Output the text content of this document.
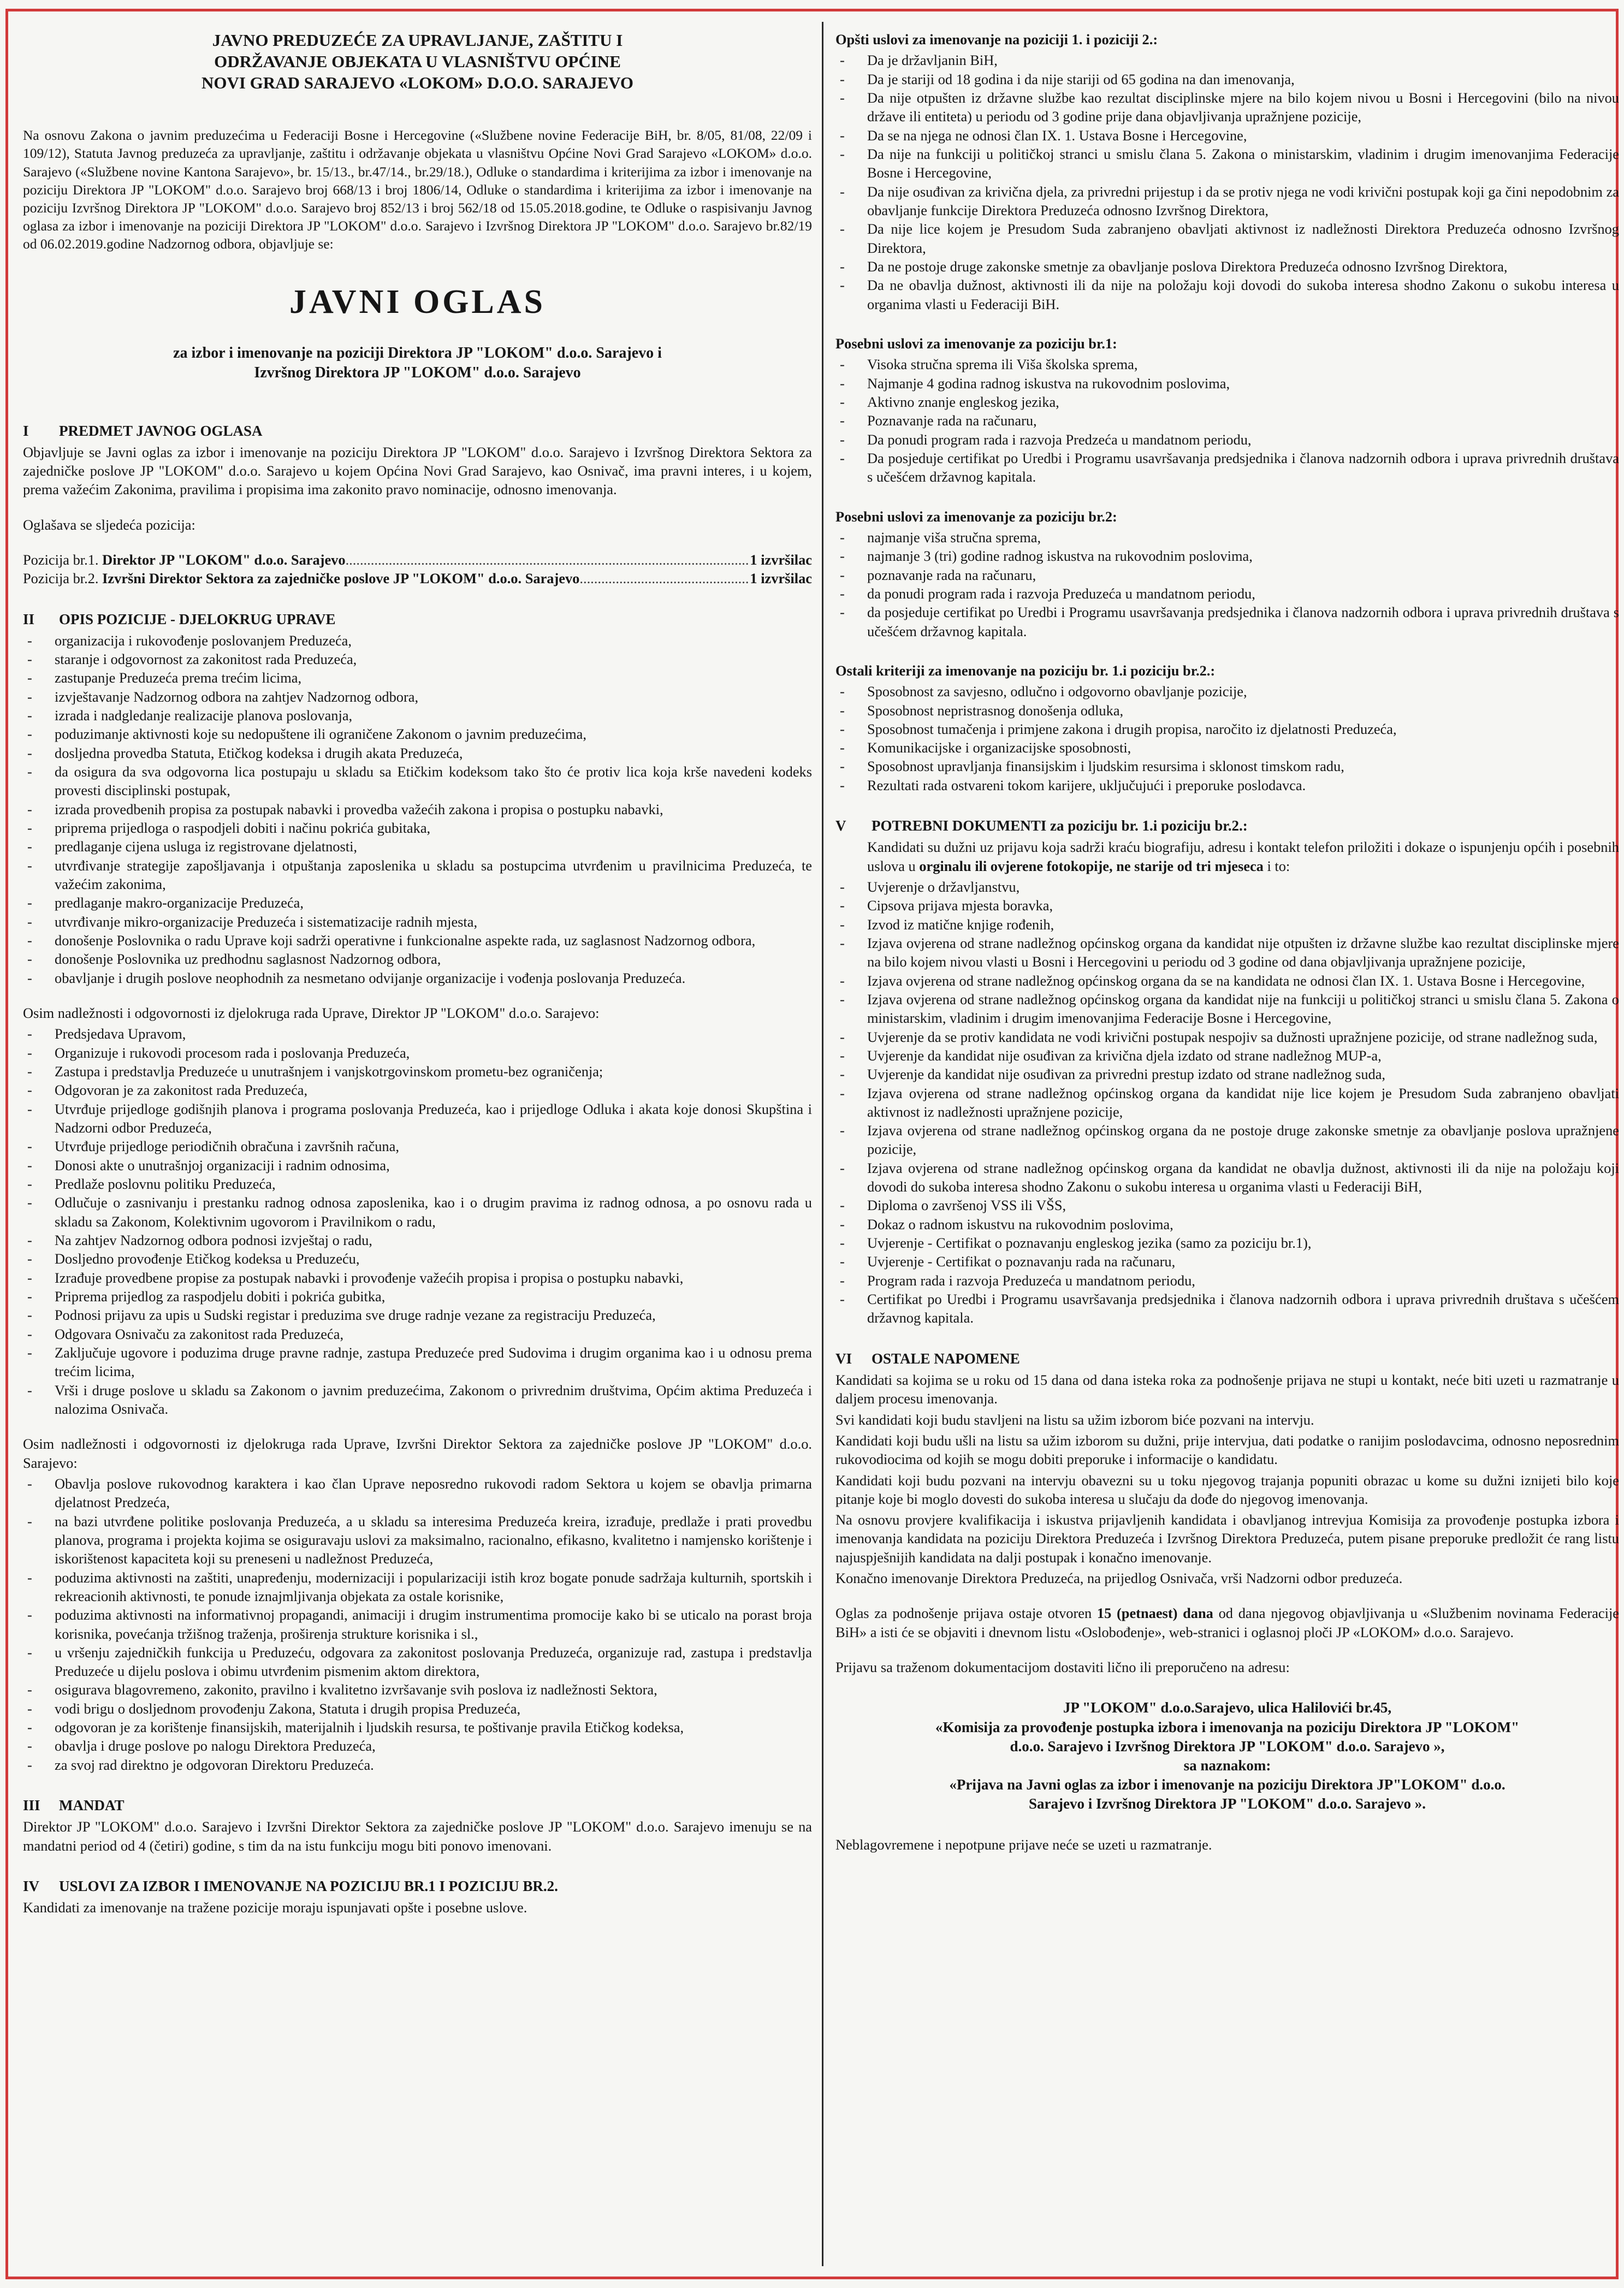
JAVNO PREDUZEĆE ZA UPRAVLJANJE, ZAŠTITU I
ODRŽAVANJE OBJEKATA U VLASNIŠTVU OPĆINE
NOVI GRAD SARAJEVO «LOKOM» D.O.O. SARAJEVO
Na osnovu Zakona o javnim preduzećima u Federaciji Bosne i Hercegovine («Službene novine Federacije BiH, br. 8/05, 81/08, 22/09 i 109/12), Statuta Javnog preduzeća za upravljanje, zaštitu i održavanje objekata u vlasništvu Općine Novi Grad Sarajevo «LOKOM» d.o.o. Sarajevo («Službene novine Kantona Sarajevo», br. 15/13., br.47/14., br.29/18.), Odluke o standardima i kriterijima za izbor i imenovanje na poziciju Direktora JP "LOKOM" d.o.o. Sarajevo broj 668/13 i broj 1806/14, Odluke o standardima i kriterijima za izbor i imenovanje na poziciju Izvršnog Direktora JP "LOKOM" d.o.o. Sarajevo broj 852/13 i broj 562/18 od 15.05.2018.godine, te Odluke o raspisivanju Javnog oglasa za izbor i imenovanje na poziciji Direktora JP "LOKOM" d.o.o. Sarajevo i Izvršnog Direktora JP "LOKOM" d.o.o. Sarajevo br.82/19 od 06.02.2019.godine Nadzornog odbora, objavljuje se:
JAVNI OGLAS
za izbor i imenovanje na poziciji Direktora JP "LOKOM" d.o.o. Sarajevo i
Izvršnog Direktora JP "LOKOM" d.o.o. Sarajevo
I PREDMET JAVNOG OGLASA
Objavljuje se Javni oglas za izbor i imenovanje na poziciju Direktora JP "LOKOM" d.o.o. Sarajevo i Izvršnog Direktora Sektora za zajedničke poslove JP "LOKOM" d.o.o. Sarajevo u kojem Općina Novi Grad Sarajevo, kao Osnivač, ima pravni interes, i u kojem, prema važećim Zakonima, pravilima i propisima ima zakonito pravo nominacije, odnosno imenovanja.
Oglašava se sljedeća pozicija:
Pozicija br.1.
Direktor JP "LOKOM" d.o.o. Sarajevo .....	1 izvršilac
Pozicija br.2.
Izvršni Direktor Sektora za zajedničke poslove JP "LOKOM" d.o.o. Sarajevo .....	1 izvršilac
II OPIS POZICIJE - DJELOKRUG UPRAVE
- organizacija i rukovođenje poslovanjem Preduzeća,
- staranje i odgovornost za zakonitost rada Preduzeća,
- zastupanje Preduzeća prema trećim licima,
- izvještavanje Nadzornog odbora na zahtjev Nadzornog odbora,
- izrada i nadgledanje realizacije planova poslovanja,
- poduzimanje aktivnosti koje su nedopuštene ili ograničene Zakonom o javnim preduzećima,
- dosljedna provedba Statuta, Etičkog kodeksa i drugih akata Preduzeća,
- da osigura da sva odgovorna lica postupaju u skladu sa Etičkim kodeksom tako što će protiv lica koja krše navedeni kodeks provesti disciplinski postupak,
- izrada provedbenih propisa za postupak nabavki i provedba važećih zakona i propisa o postupku nabavki,
- priprema prijedloga o raspodjeli dobiti i načinu pokrića gubitaka,
- predlaganje cijena usluga iz registrovane djelatnosti,
- utvrđivanje strategije zapošljavanja i otpuštanja zaposlenika u skladu sa postupcima utvrđenim u pravilnicima Preduzeća, te važećim zakonima,
- predlaganje makro-organizacije Preduzeća,
- utvrđivanje mikro-organizacije Preduzeća i sistematizacije radnih mjesta,
- donošenje Poslovnika o radu Uprave koji sadrži operativne i funkcionalne aspekte rada, uz saglasnost Nadzornog odbora,
- donošenje Poslovnika uz predhodnu saglasnost Nadzornog odbora,
- obavljanje i drugih poslove neophodnih za nesmetano odvijanje organizacije i vođenja poslovanja Preduzeća.
Osim nadležnosti i odgovornosti iz djelokruga rada Uprave, Direktor JP "LOKOM" d.o.o. Sarajevo:
- Predsjedava Upravom,
- Organizuje i rukovodi procesom rada i poslovanja Preduzeća,
- Zastupa i predstavlja Preduzeće u unutrašnjem i vanjskotrgovinskom prometu-bez ograničenja;
- Odgovoran je za zakonitost rada Preduzeća,
- Utvrđuje prijedloge godišnjih planova i programa poslovanja Preduzeća, kao i prijedloge Odluka i akata koje donosi Skupština i Nadzorni odbor Preduzeća,
- Utvrđuje prijedloge periodičnih obračuna i završnih računa,
- Donosi akte o unutrašnjoj organizaciji i radnim odnosima,
- Predlaže poslovnu politiku Preduzeća,
- Odlučuje o zasnivanju i prestanku radnog odnosa zaposlenika, kao i o drugim pravima iz radnog odnosa, a po osnovu rada u skladu sa Zakonom, Kolektivnim ugovorom i Pravilnikom o radu,
- Na zahtjev Nadzornog odbora podnosi izvještaj o radu,
- Dosljedno provođenje Etičkog kodeksa u Preduzeću,
- Izrađuje provedbene propise za postupak nabavki i provođenje važećih propisa i propisa o postupku nabavki,
- Priprema prijedlog za raspodjelu dobiti i pokrića gubitka,
- Podnosi prijavu za upis u Sudski registar i preduzima sve druge radnje vezane za registraciju Preduzeća,
- Odgovara Osnivaču za zakonitost rada Preduzeća,
- Zaključuje ugovore i poduzima druge pravne radnje, zastupa Preduzeće pred Sudovima i drugim organima kao i u odnosu prema trećim licima,
- Vrši i druge poslove u skladu sa Zakonom o javnim preduzećima, Zakonom o privrednim društvima, Općim aktima Preduzeća i nalozima Osnivača.
Osim nadležnosti i odgovornosti iz djelokruga rada Uprave, Izvršni Direktor Sektora za zajedničke poslove JP "LOKOM" d.o.o. Sarajevo:
- Obavlja poslove rukovodnog karaktera i kao član Uprave neposredno rukovodi radom Sektora u kojem se obavlja primarna djelatnost Predzeća,
- na bazi utvrđene politike poslovanja Preduzeća, a u skladu sa interesima Preduzeća kreira, izrađuje, predlaže i prati provedbu planova, programa i projekta kojima se osiguravaju uslovi za maksimalno, racionalno, efikasno, kvalitetno i namjensko korištenje i iskorištenost kapaciteta koji su preneseni u nadležnost Preduzeća,
- poduzima aktivnosti na zaštiti, unapređenju, modernizaciji i popularizaciji istih kroz bogate ponude sadržaja kulturnih, sportskih i rekreacionih aktivnosti, te ponude iznajmljivanja objekata za ostale korisnike,
- poduzima aktivnosti na informativnoj propagandi, animaciji i drugim instrumentima promocije kako bi se uticalo na porast broja korisnika, povećanja tržišnog traženja, proširenja strukture korisnika i sl.,
- u vršenju zajedničkih funkcija u Preduzeću, odgovara za zakonitost poslovanja Preduzeća, organizuje rad, zastupa i predstavlja Preduzeće u dijelu poslova i obimu utvrđenim pismenim aktom direktora,
- osigurava blagovremeno, zakonito, pravilno i kvalitetno izvršavanje svih poslova iz nadležnosti Sektora,
- vodi brigu o dosljednom provođenju Zakona, Statuta i drugih propisa Preduzeća,
- odgovoran je za korištenje finansijskih, materijalnih i ljudskih resursa, te poštivanje pravila Etičkog kodeksa,
- obavlja i druge poslove po nalogu Direktora Preduzeća,
- za svoj rad direktno je odgovoran Direktoru Preduzeća.
III MANDAT
Direktor JP "LOKOM" d.o.o. Sarajevo i Izvršni Direktor Sektora za zajedničke poslove JP "LOKOM" d.o.o. Sarajevo imenuju se na mandatni period od 4 (četiri) godine, s tim da na istu funkciju mogu biti ponovo imenovani.
IV USLOVI ZA IZBOR I IMENOVANJE NA POZICIJU BR.1 I POZICIJU BR.2.
Kandidati za imenovanje na tražene pozicije moraju ispunjavati opšte i posebne uslove.
Opšti uslovi za imenovanje na poziciji 1. i poziciji 2.:
- Da je državljanin BiH,
- Da je stariji od 18 godina i da nije stariji od 65 godina na dan imenovanja,
- Da nije otpušten iz državne službe kao rezultat disciplinske mjere na bilo kojem nivou u Bosni i Hercegovini (bilo na nivou države ili entiteta) u periodu od 3 godine prije dana objavljivanja upražnjene pozicije,
- Da se na njega ne odnosi član IX. 1. Ustava Bosne i Hercegovine,
- Da nije na funkciji u političkoj stranci u smislu člana 5. Zakona o ministarskim, vladinim i drugim imenovanjima Federacije Bosne i Hercegovine,
- Da nije osuđivan za krivična djela, za privredni prijestup i da se protiv njega ne vodi krivični postupak koji ga čini nepodobnim za obavljanje funkcije Direktora Preduzeća odnosno Izvršnog Direktora,
- Da nije lice kojem je Presudom Suda zabranjeno obavljati aktivnost iz nadležnosti Direktora Preduzeća odnosno Izvršnog Direktora,
- Da ne postoje druge zakonske smetnje za obavljanje poslova Direktora Preduzeća odnosno Izvršnog Direktora,
- Da ne obavlja dužnost, aktivnosti ili da nije na položaju koji dovodi do sukoba interesa shodno Zakonu o sukobu interesa u organima vlasti u Federaciji BiH.
Posebni uslovi za imenovanje za poziciju br.1:
- Visoka stručna sprema ili Viša školska sprema,
- Najmanje 4 godina radnog iskustva na rukovodnim poslovima,
- Aktivno znanje engleskog jezika,
- Poznavanje rada na računaru,
- Da ponudi program rada i razvoja Predzeća u mandatnom periodu,
- Da posjeduje certifikat po Uredbi i Programu usavršavanja predsjednika i članova nadzornih odbora i uprava privrednih društava s učešćem državnog kapitala.
Posebni uslovi za imenovanje za poziciju br.2:
- najmanje viša stručna sprema,
- najmanje 3 (tri) godine radnog iskustva na rukovodnim poslovima,
- poznavanje rada na računaru,
- da ponudi program rada i razvoja Preduzeća u mandatnom periodu,
- da posjeduje certifikat po Uredbi i Programu usavršavanja predsjednika i članova nadzornih odbora i uprava privrednih društava s učešćem državnog kapitala.
Ostali kriteriji za imenovanje na poziciju br. 1.i poziciju br.2.:
- Sposobnost za savjesno, odlučno i odgovorno obavljanje pozicije,
- Sposobnost nepristrasnog donošenja odluka,
- Sposobnost tumačenja i primjene zakona i drugih propisa, naročito iz djelatnosti Preduzeća,
- Komunikacijske i organizacijske sposobnosti,
- Sposobnost upravljanja finansijskim i ljudskim resursima i sklonost timskom radu,
- Rezultati rada ostvareni tokom karijere, uključujući i preporuke poslodavca.
V POTREBNI DOKUMENTI za poziciju br. 1.i poziciju br.2.:
Kandidati su dužni uz prijavu koja sadrži kraću biografiju, adresu i kontakt telefon priložiti i dokaze o ispunjenju općih i posebnih uslova u orginalu ili ovjerene fotokopije, ne starije od tri mjeseca i to:
- Uvjerenje o državljanstvu,
- Cipsova prijava mjesta boravka,
- Izvod iz matične knjige rođenih,
- Izjava ovjerena od strane nadležnog općinskog organa da kandidat nije otpušten iz državne službe kao rezultat disciplinske mjere na bilo kojem nivou vlasti u Bosni i Hercegovini u periodu od 3 godine od dana objavljivanja upražnjene pozicije,
- Izjava ovjerena od strane nadležnog općinskog organa da se na kandidata ne odnosi član IX. 1. Ustava Bosne i Hercegovine,
- Izjava ovjerena od strane nadležnog općinskog organa da kandidat nije na funkciji u političkoj stranci u smislu člana 5. Zakona o ministarskim, vladinim i drugim imenovanjima Federacije Bosne i Hercegovine,
- Uvjerenje da se protiv kandidata ne vodi krivični postupak nespojiv sa dužnosti upražnjene pozicije, od strane nadležnog suda,
- Uvjerenje da kandidat nije osuđivan za krivična djela izdato od strane nadležnog MUP-a,
- Uvjerenje da kandidat nije osuđivan za privredni prestup izdato od strane nadležnog suda,
- Izjava ovjerena od strane nadležnog općinskog organa da kandidat nije lice kojem je Presudom Suda zabranjeno obavljati aktivnost iz nadležnosti upražnjene pozicije,
- Izjava ovjerena od strane nadležnog općinskog organa da ne postoje druge zakonske smetnje za obavljanje poslova upražnjene pozicije,
- Izjava ovjerena od strane nadležnog općinskog organa da kandidat ne obavlja dužnost, aktivnosti ili da nije na položaju koji dovodi do sukoba interesa shodno Zakonu o sukobu interesa u organima vlasti u Federaciji BiH,
- Diploma o završenoj VSS ili VŠS,
- Dokaz o radnom iskustvu na rukovodnim poslovima,
- Uvjerenje - Certifikat o poznavanju engleskog jezika (samo za poziciju br.1),
- Uvjerenje - Certifikat o poznavanju rada na računaru,
- Program rada i razvoja Preduzeća u mandatnom periodu,
- Certifikat po Uredbi i Programu usavršavanja predsjednika i članova nadzornih odbora i uprava privrednih društava s učešćem državnog kapitala.
VI OSTALE NAPOMENE
Kandidati sa kojima se u roku od 15 dana od dana isteka roka za podnošenje prijava ne stupi u kontakt, neće biti uzeti u razmatranje u daljem procesu imenovanja.
Svi kandidati koji budu stavljeni na listu sa užim izborom biće pozvani na intervju.
Kandidati koji budu ušli na listu sa užim izborom su dužni, prije intervjua, dati podatke o ranijim poslodavcima, odnosno neposrednim rukovodiocima od kojih se mogu dobiti preporuke i informacije o kandidatu.
Kandidati koji budu pozvani na intervju obavezni su u toku njegovog trajanja popuniti obrazac u kome su dužni iznijeti bilo koje pitanje koje bi moglo dovesti do sukoba interesa u slučaju da dođe do njegovog imenovanja.
Na osnovu provjere kvalifikacija i iskustva prijavljenih kandidata i obavljanog intrevjua Komisija za provođenje postupka izbora i imenovanja kandidata na poziciju Direktora Preduzeća i Izvršnog Direktora Preduzeća, putem pisane preporuke predložit će rang listu najuspješnijih kandidata na dalji postupak i konačno imenovanje.
Konačno imenovanje Direktora Preduzeća, na prijedlog Osnivača, vrši Nadzorni odbor preduzeća.
Oglas za podnošenje prijava ostaje otvoren 15 (petnaest) dana od dana njegovog objavljivanja u «Službenim novinama Federacije BiH» a isti će se objaviti i dnevnom listu «Oslobođenje», web-stranici i oglasnoj ploči JP «LOKOM» d.o.o. Sarajevo.
Prijavu sa traženom dokumentacijom dostaviti lično ili preporučeno na adresu:
JP "LOKOM" d.o.o.Sarajevo, ulica Halilovići br.45,
«Komisija za provođenje postupka izbora i imenovanja na poziciju Direktora JP "LOKOM"
d.o.o. Sarajevo i Izvršnog Direktora JP "LOKOM" d.o.o. Sarajevo »,
sa naznakom:
«Prijava na Javni oglas za izbor i imenovanje na poziciju Direktora JP"LOKOM" d.o.o.
Sarajevo i Izvršnog Direktora JP "LOKOM" d.o.o. Sarajevo ».
Neblagovremene i nepotpune prijave neće se uzeti u razmatranje.
